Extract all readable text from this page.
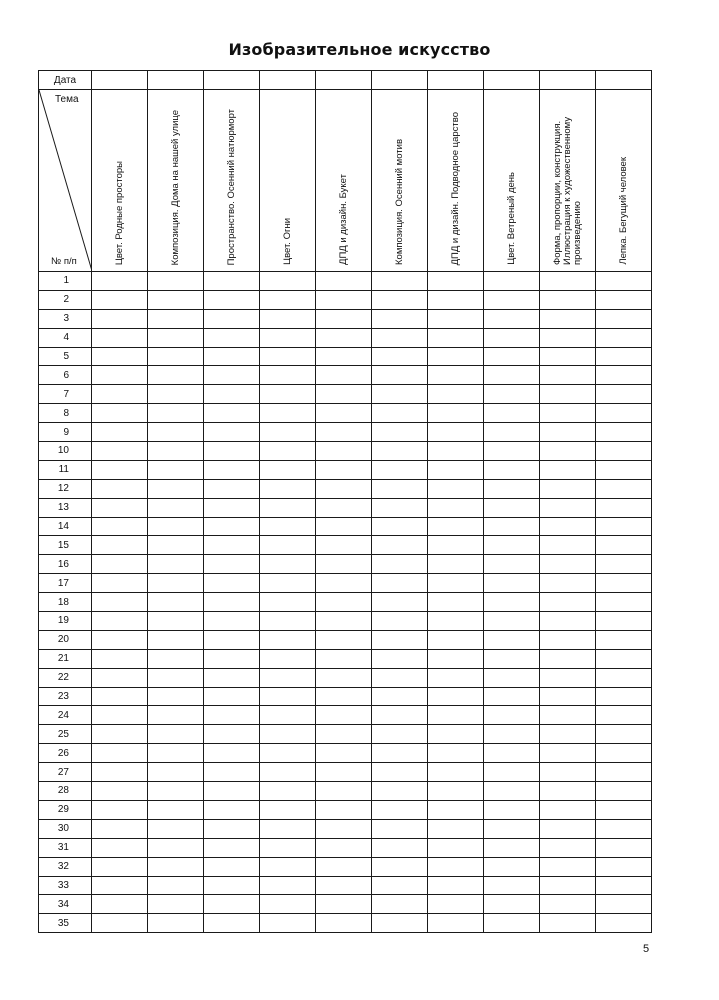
Изобразительное искусство
Дата										

Тема
№ п/п	Цвет. Родные просторы	Композиция. Дома на нашей улице	Пространство. Осенний натюрморт	Цвет. Огни	ДПД и дизайн. Букет	Композиция. Осенний мотив	ДПД и дизайн. Подводное царство	Цвет. Ветреный день	Форма, пропорции, конструкция. Иллюстрация к художественному произведению	Лепка. Бегущий человек

1										
2										
3										
4										
5										
6										
7										
8										
9										
10										
11										
12										
13										
14										
15										
16										
17										
18										
19										
20										
21										
22										
23										
24										
25										
26										
27										
28										
29										
30										
31										
32										
33										
34										
35										
5
